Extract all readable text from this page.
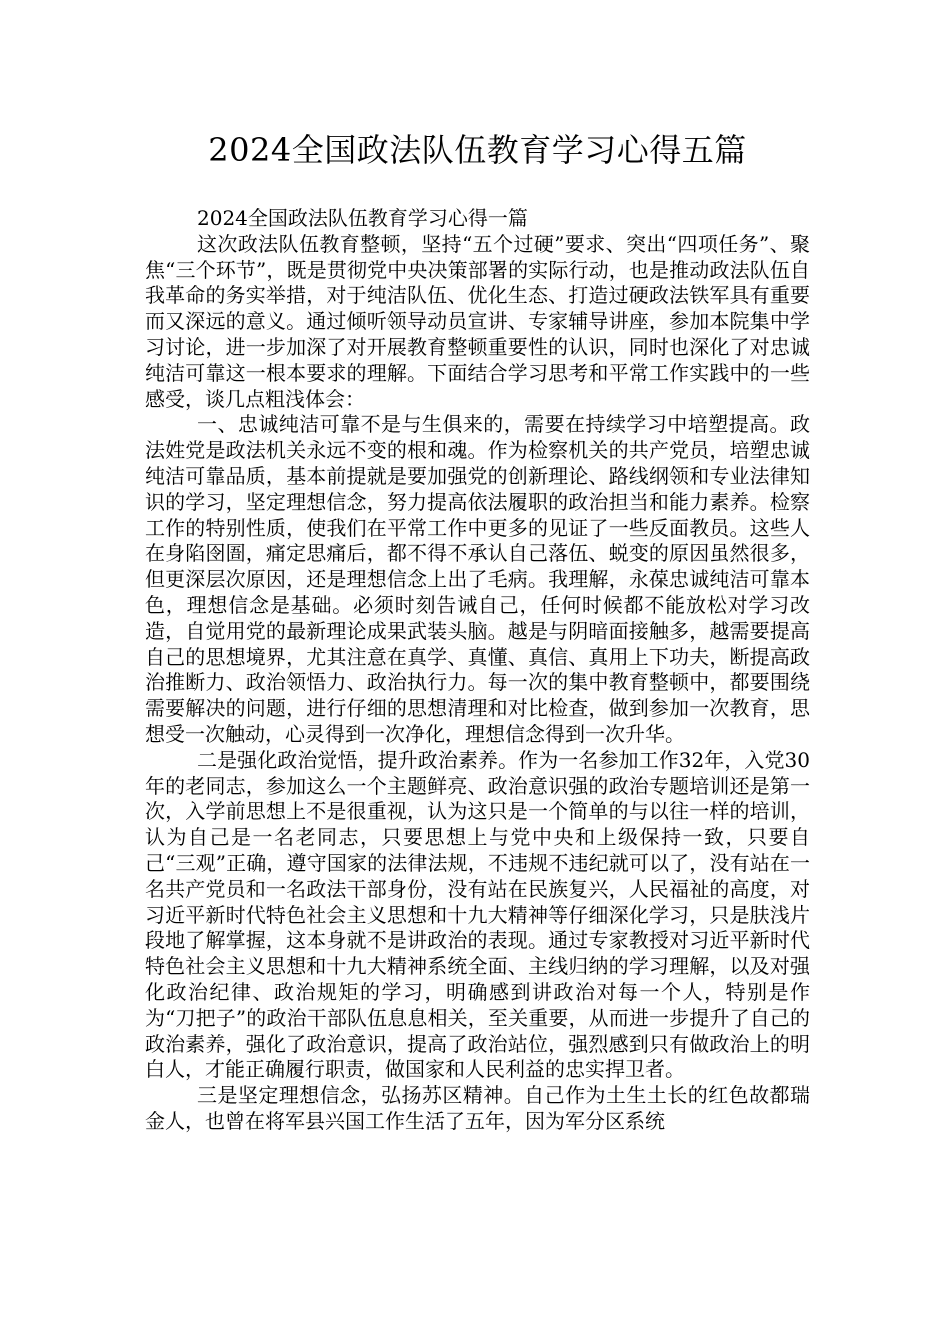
2024全国政法队伍教育学习心得五篇

2024全国政法队伍教育学习心得一篇

这次政法队伍教育整顿，坚持“五个过硬”要求、突出“四项任务”、聚焦“三个环节”，既是贯彻党中央决策部署的实际行动，也是推动政法队伍自我革命的务实举措，对于纯洁队伍、优化生态、打造过硬政法铁军具有重要而又深远的意义。通过倾听领导动员宣讲、专家辅导讲座，参加本院集中学习讨论，进一步加深了对开展教育整顿重要性的认识，同时也深化了对忠诚纯洁可靠这一根本要求的理解。下面结合学习思考和平常工作实践中的一些感受，谈几点粗浅体会：

一、忠诚纯洁可靠不是与生俱来的，需要在持续学习中培塑提高。政法姓党是政法机关永远不变的根和魂。作为检察机关的共产党员，培塑忠诚纯洁可靠品质，基本前提就是要加强党的创新理论、路线纲领和专业法律知识的学习，坚定理想信念，努力提高依法履职的政治担当和能力素养。检察工作的特别性质，使我们在平常工作中更多的见证了一些反面教员。这些人在身陷囹圄，痛定思痛后，都不得不承认自己落伍、蜕变的原因虽然很多，但更深层次原因，还是理想信念上出了毛病。我理解，永葆忠诚纯洁可靠本色，理想信念是基础。必须时刻告诫自己，任何时候都不能放松对学习改造，自觉用党的最新理论成果武装头脑。越是与阴暗面接触多，越需要提高自己的思想境界，尤其注意在真学、真懂、真信、真用上下功夫，断提高政治推断力、政治领悟力、政治执行力。每一次的集中教育整顿中，都要围绕需要解决的问题，进行仔细的思想清理和对比检查，做到参加一次教育，思想受一次触动，心灵得到一次净化，理想信念得到一次升华。

二是强化政治觉悟，提升政治素养。作为一名参加工作32年，入党30年的老同志，参加这么一个主题鲜亮、政治意识强的政治专题培训还是第一次，入学前思想上不是很重视，认为这只是一个简单的与以往一样的培训，认为自己是一名老同志，只要思想上与党中央和上级保持一致，只要自己“三观”正确，遵守国家的法律法规，不违规不违纪就可以了，没有站在一名共产党员和一名政法干部身份，没有站在民族复兴，人民福祉的高度，对习近平新时代特色社会主义思想和十九大精神等仔细深化学习，只是肤浅片段地了解掌握，这本身就不是讲政治的表现。通过专家教授对习近平新时代特色社会主义思想和十九大精神系统全面、主线归纳的学习理解，以及对强化政治纪律、政治规矩的学习，明确感到讲政治对每一个人，特别是作为“刀把子”的政治干部队伍息息相关，至关重要，从而进一步提升了自己的政治素养，强化了政治意识，提高了政治站位，强烈感到只有做政治上的明白人，才能正确履行职责，做国家和人民利益的忠实捍卫者。

三是坚定理想信念，弘扬苏区精神。自己作为土生土长的红色故都瑞金人，也曾在将军县兴国工作生活了五年，因为军分区系统
